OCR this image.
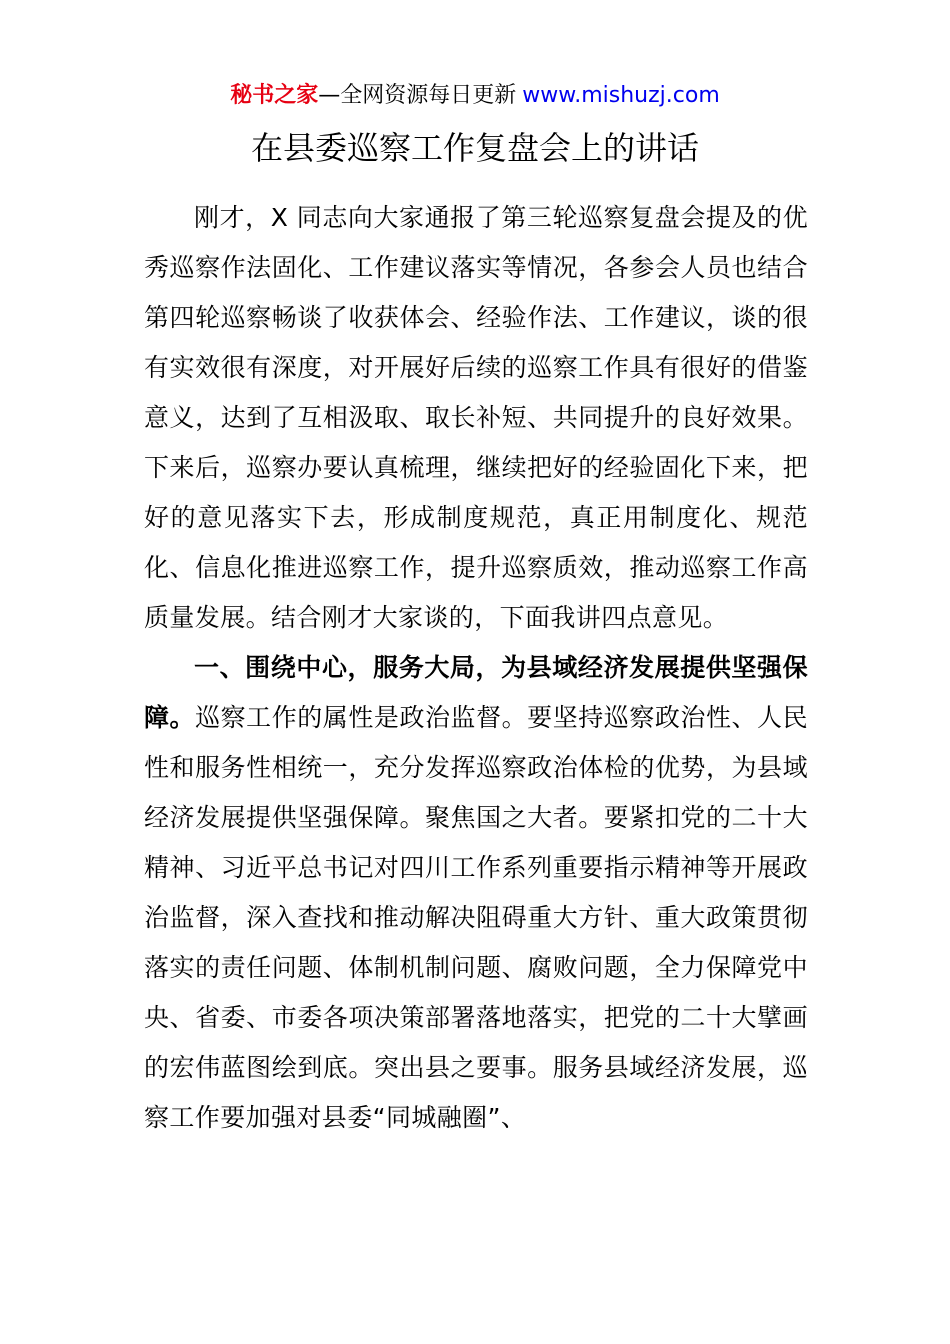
秘书之家—全网资源每日更新 www.mishuzj.com
在县委巡察工作复盘会上的讲话

刚才，X 同志向大家通报了第三轮巡察复盘会提及的优秀巡察作法固化、工作建议落实等情况，各参会人员也结合第四轮巡察畅谈了收获体会、经验作法、工作建议，谈的很有实效很有深度，对开展好后续的巡察工作具有很好的借鉴意义，达到了互相汲取、取长补短、共同提升的良好效果。下来后，巡察办要认真梳理，继续把好的经验固化下来，把好的意见落实下去，形成制度规范，真正用制度化、规范化、信息化推进巡察工作，提升巡察质效，推动巡察工作高质量发展。结合刚才大家谈的，下面我讲四点意见。

一、围绕中心，服务大局，为县域经济发展提供坚强保障。巡察工作的属性是政治监督。要坚持巡察政治性、人民性和服务性相统一，充分发挥巡察政治体检的优势，为县域经济发展提供坚强保障。聚焦国之大者。要紧扣党的二十大精神、习近平总书记对四川工作系列重要指示精神等开展政治监督，深入查找和推动解决阻碍重大方针、重大政策贯彻落实的责任问题、体制机制问题、腐败问题，全力保障党中央、省委、市委各项决策部署落地落实，把党的二十大擘画的宏伟蓝图绘到底。突出县之要事。服务县域经济发展，巡察工作要加强对县委“同城融圈”、
